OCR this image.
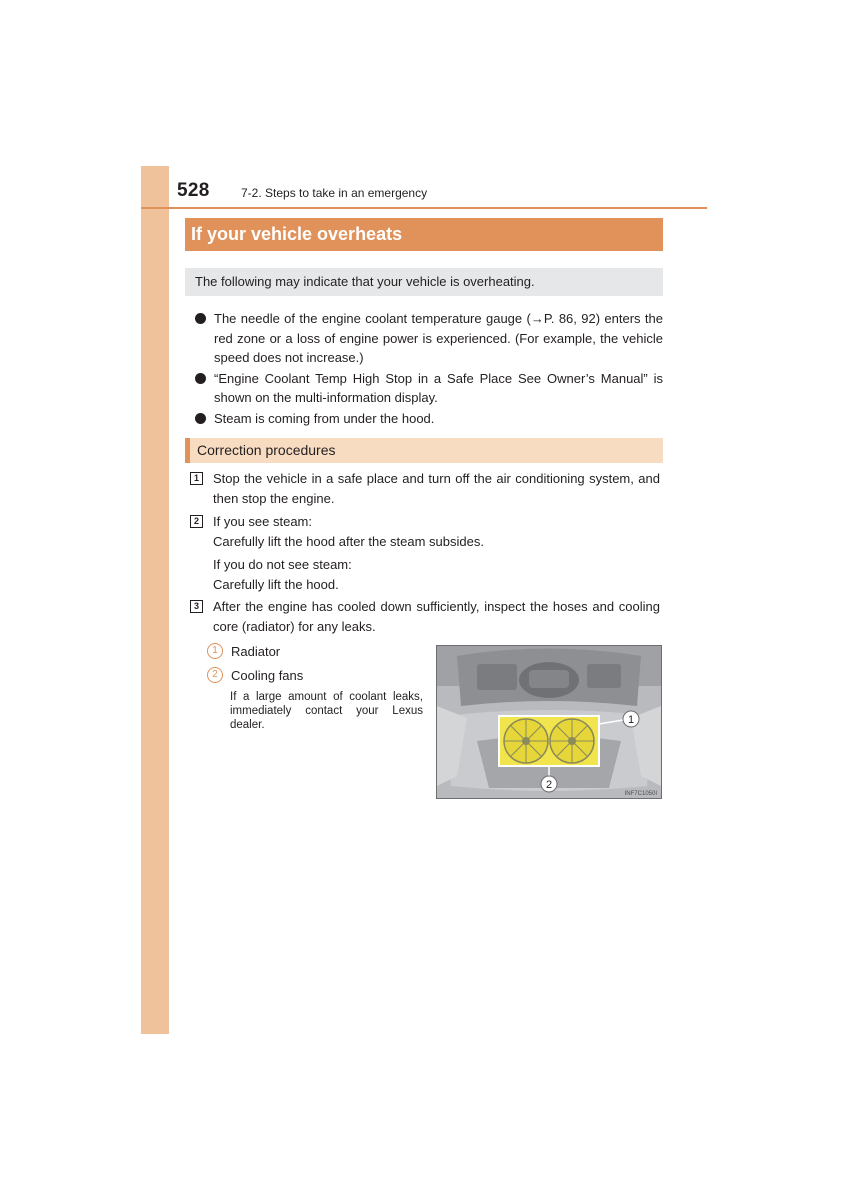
528	7-2. Steps to take in an emergency
If your vehicle overheats
The following may indicate that your vehicle is overheating.
The needle of the engine coolant temperature gauge (→P. 86, 92) enters the red zone or a loss of engine power is experienced. (For example, the vehicle speed does not increase.)
“Engine Coolant Temp High Stop in a Safe Place See Owner’s Manual” is shown on the multi-information display.
Steam is coming from under the hood.
Correction procedures
1	Stop the vehicle in a safe place and turn off the air conditioning system, and then stop the engine.

2	If you see steam:

Carefully lift the hood after the steam subsides.

If you do not see steam:

Carefully lift the hood.

3	After the engine has cooled down sufficiently, inspect the hoses and cooling core (radiator) for any leaks.

1	Radiator
2	Cooling fans
If a large amount of coolant leaks, immediately contact your Lexus dealer.	1
2
INF7C1050I
